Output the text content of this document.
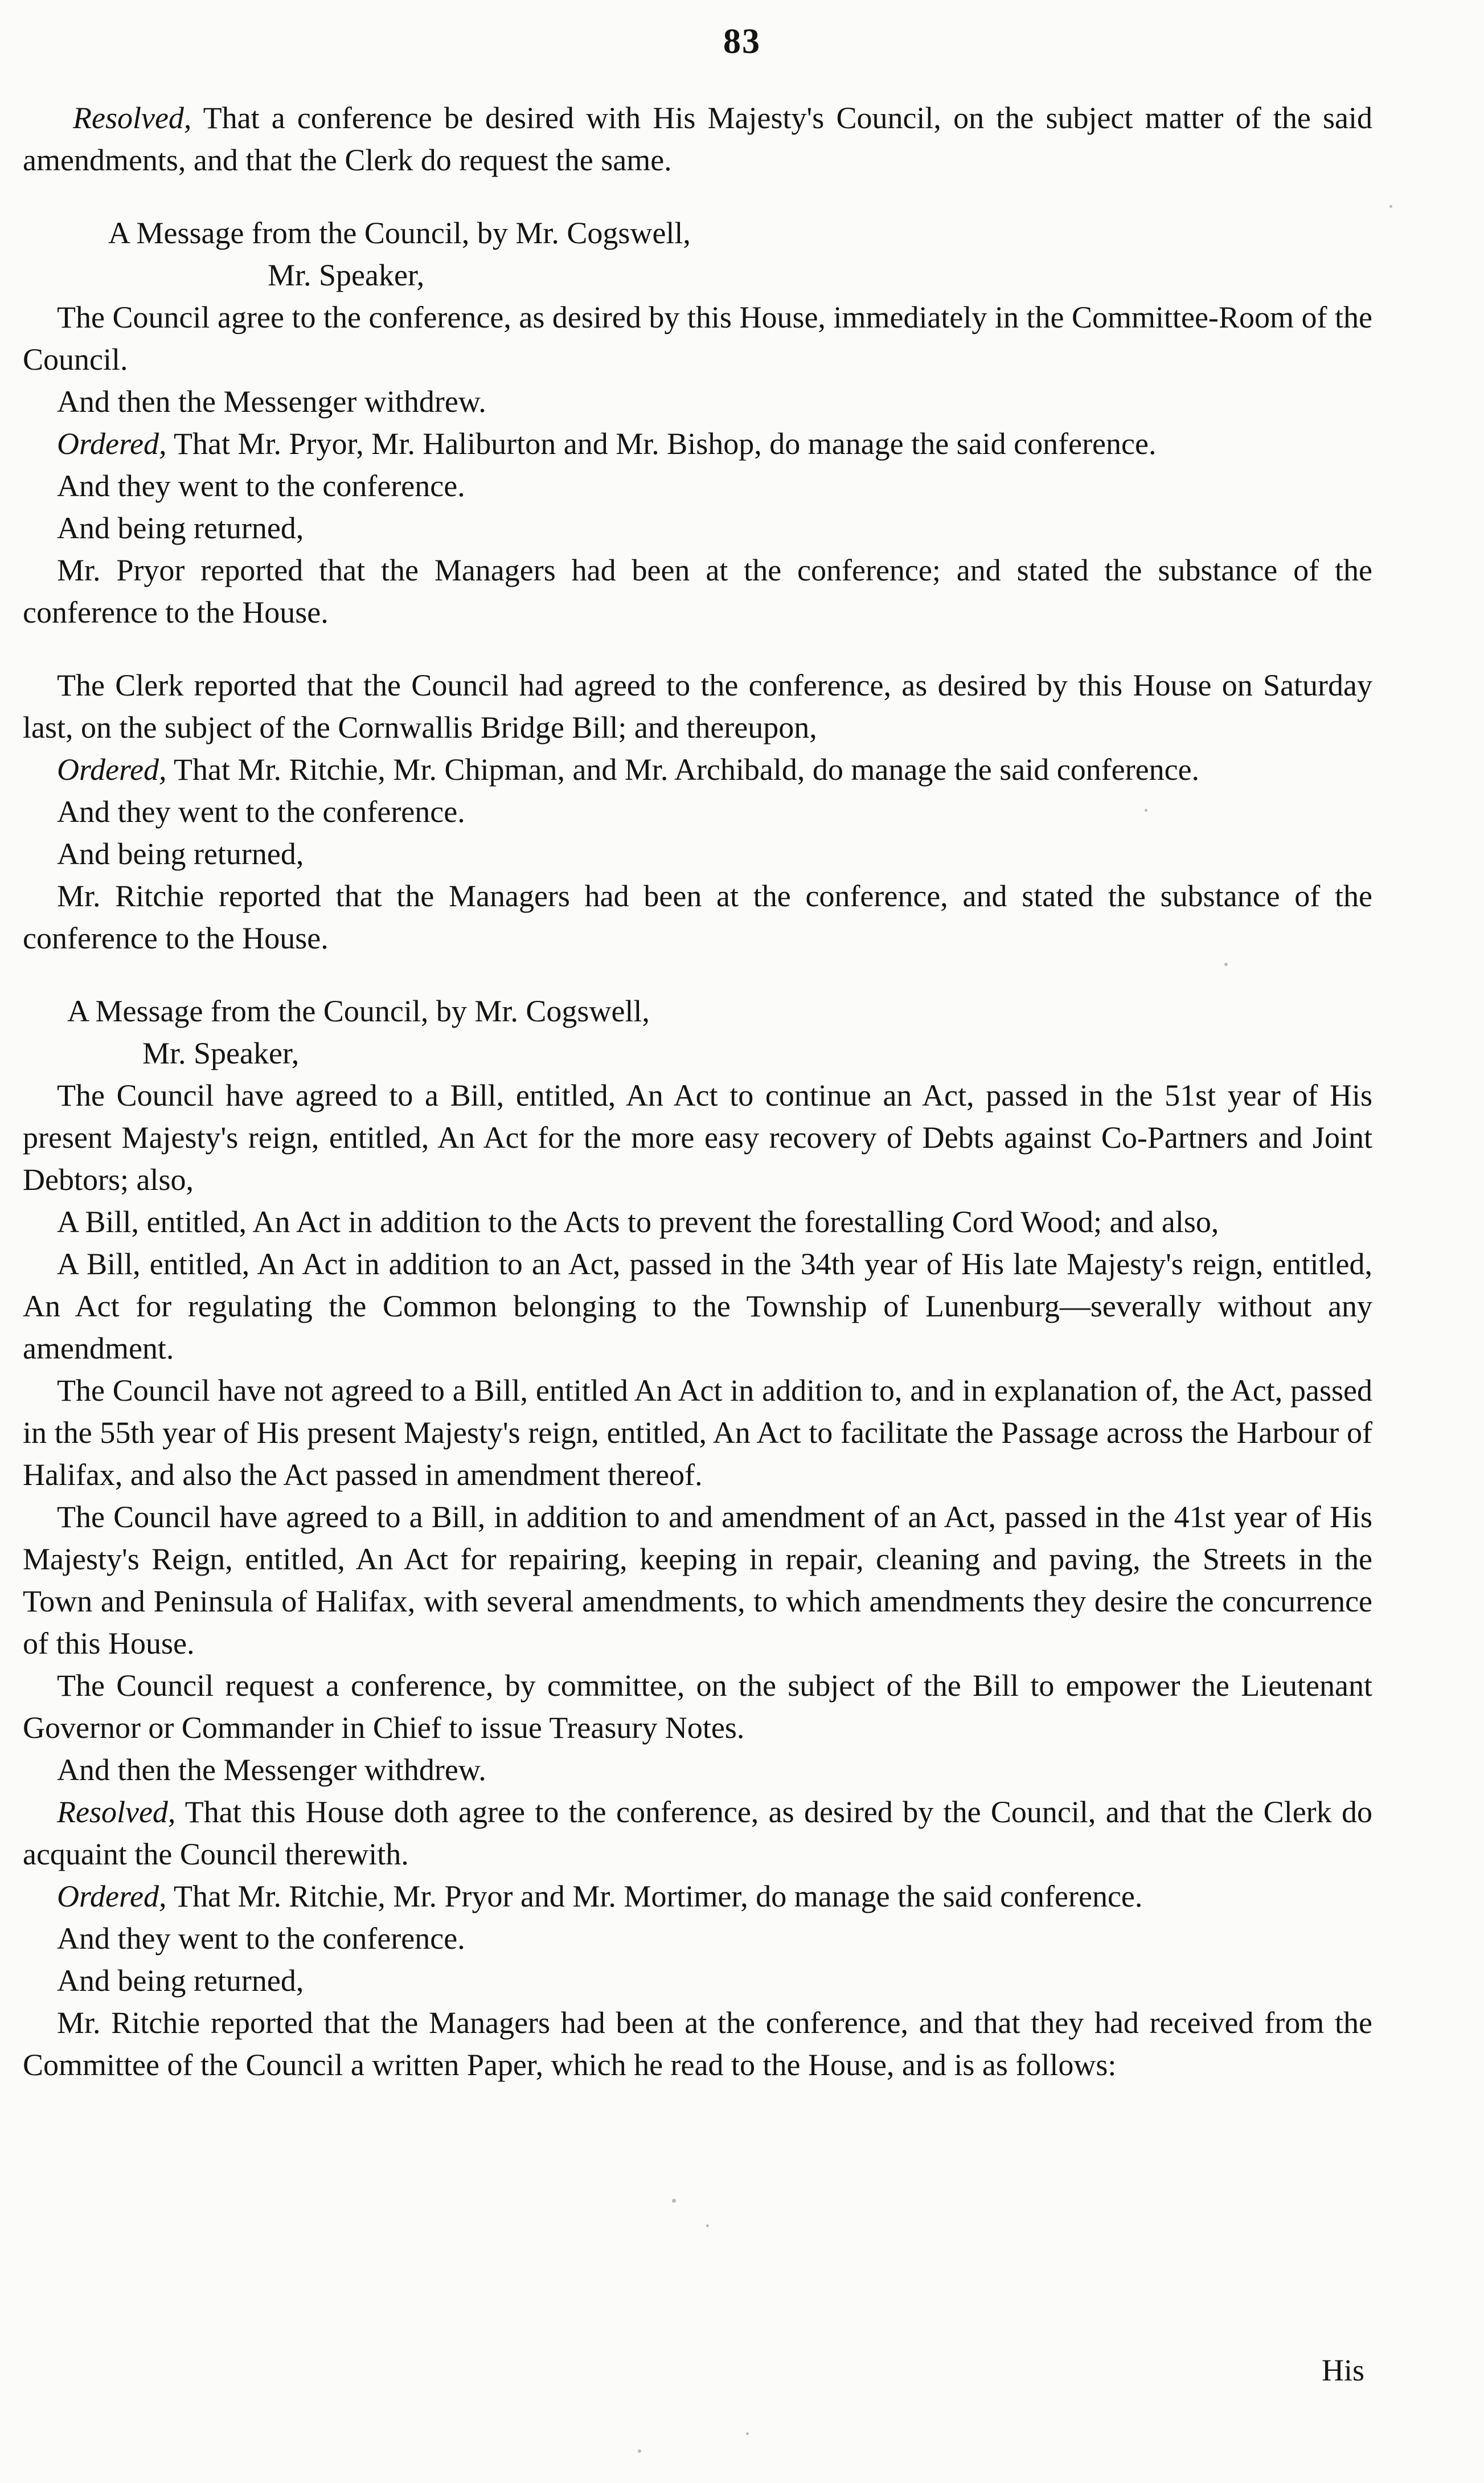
83

Resolved, That a conference be desired with His Majesty's Council, on the subject matter of the said amendments, and that the Clerk do request the same.

A Message from the Council, by Mr. Cogswell,

Mr. Speaker,

The Council agree to the conference, as desired by this House, immediately in the Committee-Room of the Council.

And then the Messenger withdrew.

Ordered, That Mr. Pryor, Mr. Haliburton and Mr. Bishop, do manage the said conference.

And they went to the conference.

And being returned,

Mr. Pryor reported that the Managers had been at the conference; and stated the substance of the conference to the House.

The Clerk reported that the Council had agreed to the conference, as desired by this House on Saturday last, on the subject of the Cornwallis Bridge Bill; and thereupon,

Ordered, That Mr. Ritchie, Mr. Chipman, and Mr. Archibald, do manage the said conference.

And they went to the conference.

And being returned,

Mr. Ritchie reported that the Managers had been at the conference, and stated the substance of the conference to the House.

A Message from the Council, by Mr. Cogswell,

Mr. Speaker,

The Council have agreed to a Bill, entitled, An Act to continue an Act, passed in the 51st year of His present Majesty's reign, entitled, An Act for the more easy recovery of Debts against Co-Partners and Joint Debtors; also,

A Bill, entitled, An Act in addition to the Acts to prevent the forestalling Cord Wood; and also,

A Bill, entitled, An Act in addition to an Act, passed in the 34th year of His late Majesty's reign, entitled, An Act for regulating the Common belonging to the Township of Lunenburg—severally without any amendment.

The Council have not agreed to a Bill, entitled An Act in addition to, and in explanation of, the Act, passed in the 55th year of His present Majesty's reign, entitled, An Act to facilitate the Passage across the Harbour of Halifax, and also the Act passed in amendment thereof.

The Council have agreed to a Bill, in addition to and amendment of an Act, passed in the 41st year of His Majesty's Reign, entitled, An Act for repairing, keeping in repair, cleaning and paving, the Streets in the Town and Peninsula of Halifax, with several amendments, to which amendments they desire the concurrence of this House.

The Council request a conference, by committee, on the subject of the Bill to empower the Lieutenant Governor or Commander in Chief to issue Treasury Notes.

And then the Messenger withdrew.

Resolved, That this House doth agree to the conference, as desired by the Council, and that the Clerk do acquaint the Council therewith.

Ordered, That Mr. Ritchie, Mr. Pryor and Mr. Mortimer, do manage the said conference.

And they went to the conference.

And being returned,

Mr. Ritchie reported that the Managers had been at the conference, and that they had received from the Committee of the Council a written Paper, which he read to the House, and is as follows:

His
